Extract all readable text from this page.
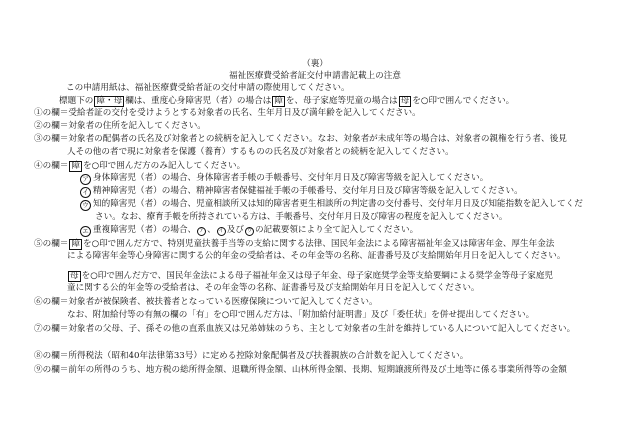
（裏）

福祉医療費受給者証交付申請書記載上の注意

この申請用紙は、福祉医療費受給者証の交付申請の際使用してください。

標題下の 障・母 欄は、重度心身障害児（者）の場合は 障 を、母子家庭等児童の場合は 母 を○印で囲んでください。

①の欄＝受給者証の交付を受けようとする対象者の氏名、生年月日及び満年齢を記入してください。

②の欄＝対象者の住所を記入してください。

③の欄＝対象者の配偶者の氏名及び対象者との続柄を記入してください。なお、対象者が未成年等の場合は、対象者の親権を行う者、後見

人その他の者で現に対象者を保護（養育）するものの氏名及び対象者との続柄を記入してください。

④の欄＝ 障 を○印で囲んだ方のみ記入してください。

ア 身体障害児（者）の場合、身体障害者手帳の手帳番号、交付年月日及び障害等級を記入してください。

イ 精神障害児（者）の場合、精神障害者保健福祉手帳の手帳番号、交付年月日及び障害等級を記入してください。

ウ 知的障害児（者）の場合、児童相談所又は知的障害者更生相談所の判定書の交付番号、交付年月日及び知能指数を記入してくだ

さい。なお、療育手帳を所持されている方は、手帳番号、交付年月日及び障害の程度を記入してください。

エ 重複障害児（者）の場合、 ア 、 イ 及び ウ の記載要領により全て記入してください。

⑤の欄＝ 障 を○印で囲んだ方で、特別児童扶養手当等の支給に関する法律、国民年金法による障害福祉年金又は障害年金、厚生年金法

による障害年金等心身障害に関する公的年金の受給者は、その年金等の名称、証書番号及び支給開始年月日を記入してください。

母 を○印で囲んだ方で、国民年金法による母子福祉年金又は母子年金、母子家庭奨学金等支給要綱による奨学金等母子家庭児

童に関する公的年金等の受給者は、その年金等の名称、証書番号及び支給開始年月日を記入してください。

⑥の欄＝対象者が被保険者、被扶養者となっている医療保険について記入してください。

なお、附加給付等の有無の欄の「有」を○印で囲んだ方は、「附加給付証明書」及び「委任状」を併せ提出してください。

⑦の欄＝対象者の父母、子、孫その他の直系血族又は兄弟姉妹のうち、主として対象者の生計を維持している人について記入してください。

⑧の欄＝所得税法（昭和40年法律第33号）に定める控除対象配偶者及び扶養親族の合計数を記入してください。

⑨の欄＝前年の所得のうち、地方税の総所得金額、退職所得金額、山林所得金額、長期、短期譲渡所得及び土地等に係る事業所得等の金額
